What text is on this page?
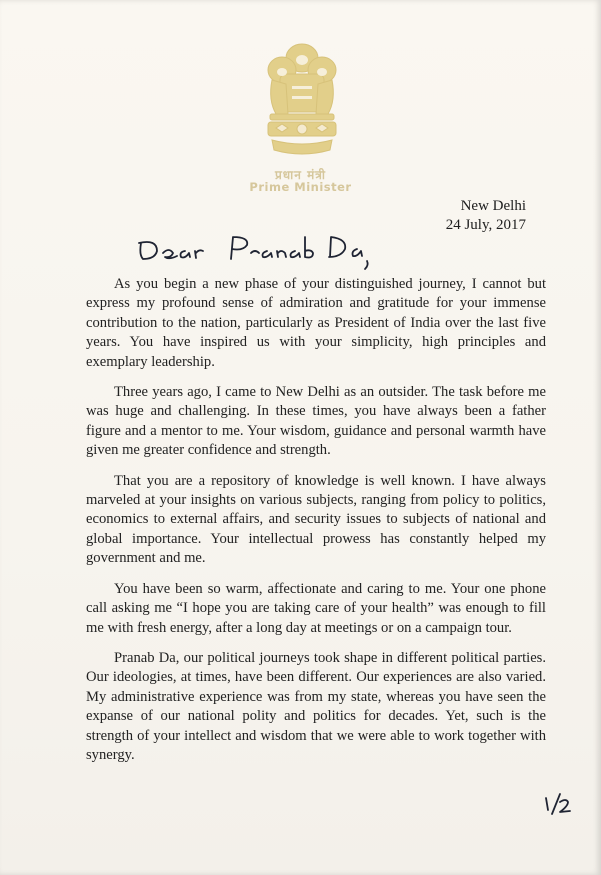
प्रधान मंत्री
Prime Minister
New Delhi
24 July, 2017

As you begin a new phase of your distinguished journey, I cannot but express my profound sense of admiration and gratitude for your immense contribution to the nation, particularly as President of India over the last five years. You have inspired us with your simplicity, high principles and exemplary leadership.

Three years ago, I came to New Delhi as an outsider. The task before me was huge and challenging. In these times, you have always been a father figure and a mentor to me. Your wisdom, guidance and personal warmth have given me greater confidence and strength.

That you are a repository of knowledge is well known. I have always marveled at your insights on various subjects, ranging from policy to politics, economics to external affairs, and security issues to subjects of national and global importance. Your intellectual prowess has constantly helped my government and me.

You have been so warm, affectionate and caring to me. Your one phone call asking me “I hope you are taking care of your health” was enough to fill me with fresh energy, after a long day at meetings or on a campaign tour.

Pranab Da, our political journeys took shape in different political parties. Our ideologies, at times, have been different. Our experiences are also varied. My administrative experience was from my state, whereas you have seen the expanse of our national polity and politics for decades. Yet, such is the strength of your intellect and wisdom that we were able to work together with synergy.
